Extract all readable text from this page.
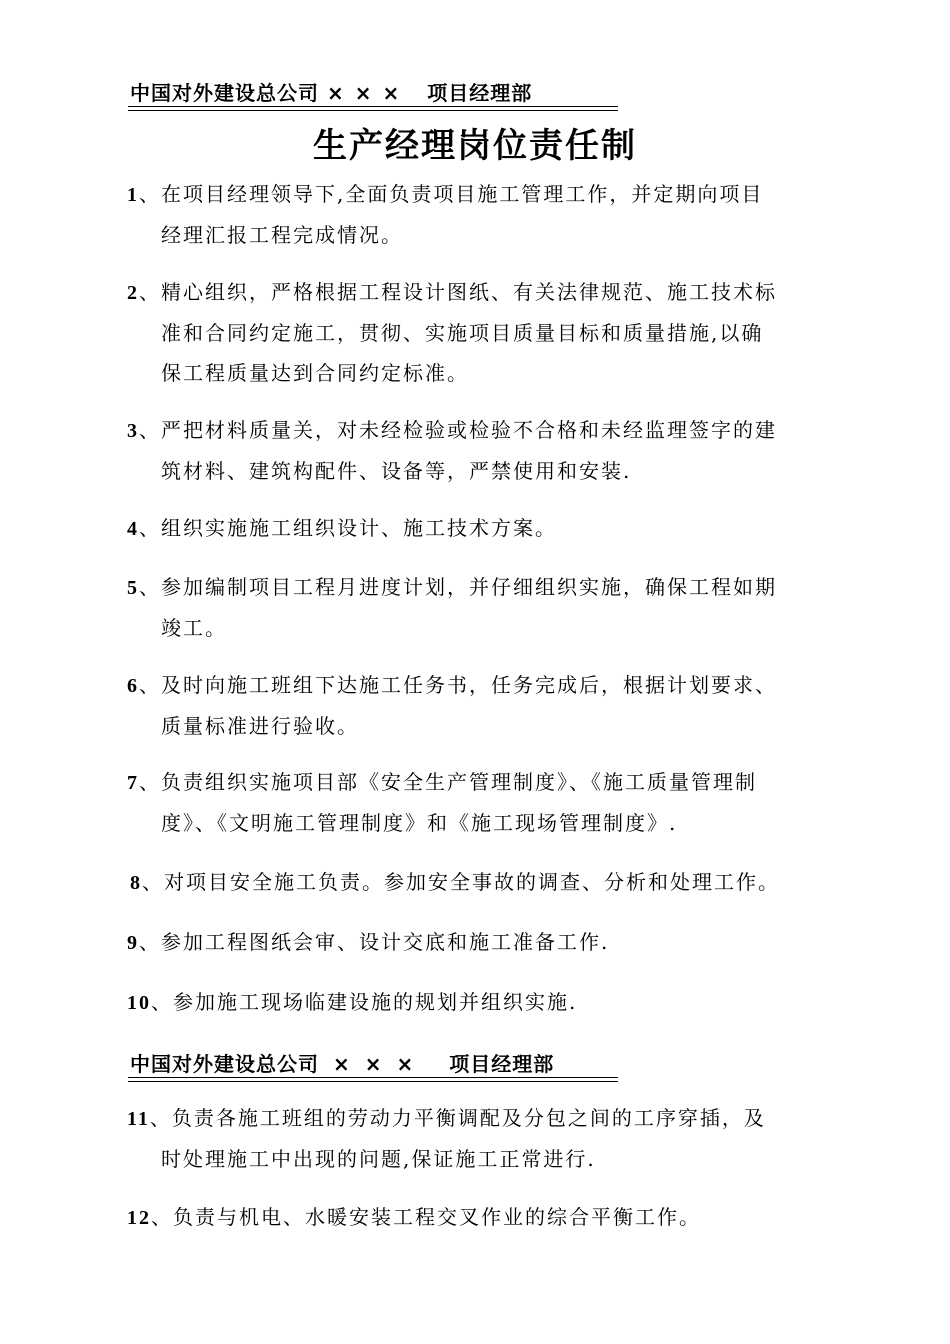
中国对外建设总公司 × × × 项目经理部
生产经理岗位责任制
1、在项目经理领导下,全面负责项目施工管理工作，并定期向项目
经理汇报工程完成情况。
2、精心组织，严格根据工程设计图纸、有关法律规范、施工技术标
准和合同约定施工，贯彻、实施项目质量目标和质量措施,以确
保工程质量达到合同约定标准。
3、严把材料质量关，对未经检验或检验不合格和未经监理签字的建
筑材料、建筑构配件、设备等，严禁使用和安装.
4、组织实施施工组织设计、施工技术方案。
5、参加编制项目工程月进度计划，并仔细组织实施，确保工程如期
竣工。
6、及时向施工班组下达施工任务书，任务完成后，根据计划要求、
质量标准进行验收。
7、负责组织实施项目部《安全生产管理制度》、《施工质量管理制
度》、《文明施工管理制度》和《施工现场管理制度》.
8、对项目安全施工负责。参加安全事故的调查、分析和处理工作。
9、参加工程图纸会审、设计交底和施工准备工作.
10、参加施工现场临建设施的规划并组织实施.
中国对外建设总公司 × × × 项目经理部
11、负责各施工班组的劳动力平衡调配及分包之间的工序穿插，及
时处理施工中出现的问题,保证施工正常进行.
12、负责与机电、水暖安装工程交叉作业的综合平衡工作。
